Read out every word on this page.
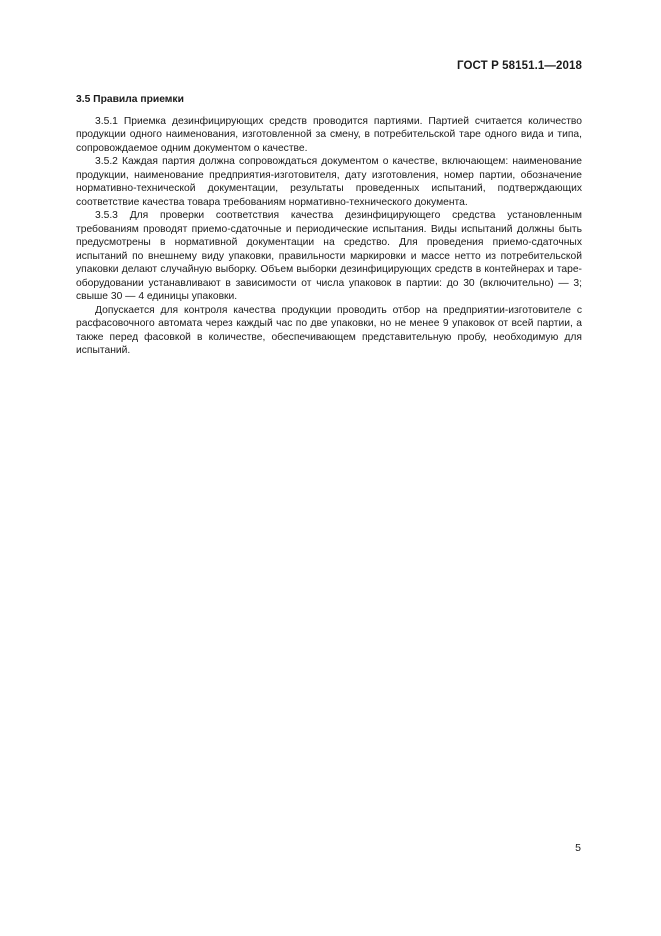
ГОСТ Р 58151.1—2018

3.5 Правила приемки

3.5.1 Приемка дезинфицирующих средств проводится партиями. Партией считается количество продукции одного наименования, изготовленной за смену, в потребительской таре одного вида и типа, сопровождаемое одним документом о качестве.

3.5.2 Каждая партия должна сопровождаться документом о качестве, включающем: наименование продукции, наименование предприятия-изготовителя, дату изготовления, номер партии, обозначение нормативно-технической документации, результаты проведенных испытаний, подтверждающих соответствие качества товара требованиям нормативно-технического документа.

3.5.3 Для проверки соответствия качества дезинфицирующего средства установленным требованиям проводят приемо-сдаточные и периодические испытания. Виды испытаний должны быть предусмотрены в нормативной документации на средство. Для проведения приемо-сдаточных испытаний по внешнему виду упаковки, правильности маркировки и массе нетто из потребительской упаковки делают случайную выборку. Объем выборки дезинфицирующих средств в контейнерах и таре-оборудовании устанавливают в зависимости от числа упаковок в партии: до 30 (включительно) — 3; свыше 30 — 4 единицы упаковки.

Допускается для контроля качества продукции проводить отбор на предприятии-изготовителе с расфасовочного автомата через каждый час по две упаковки, но не менее 9 упаковок от всей партии, а также перед фасовкой в количестве, обеспечивающем представительную пробу, необходимую для испытаний.

5
